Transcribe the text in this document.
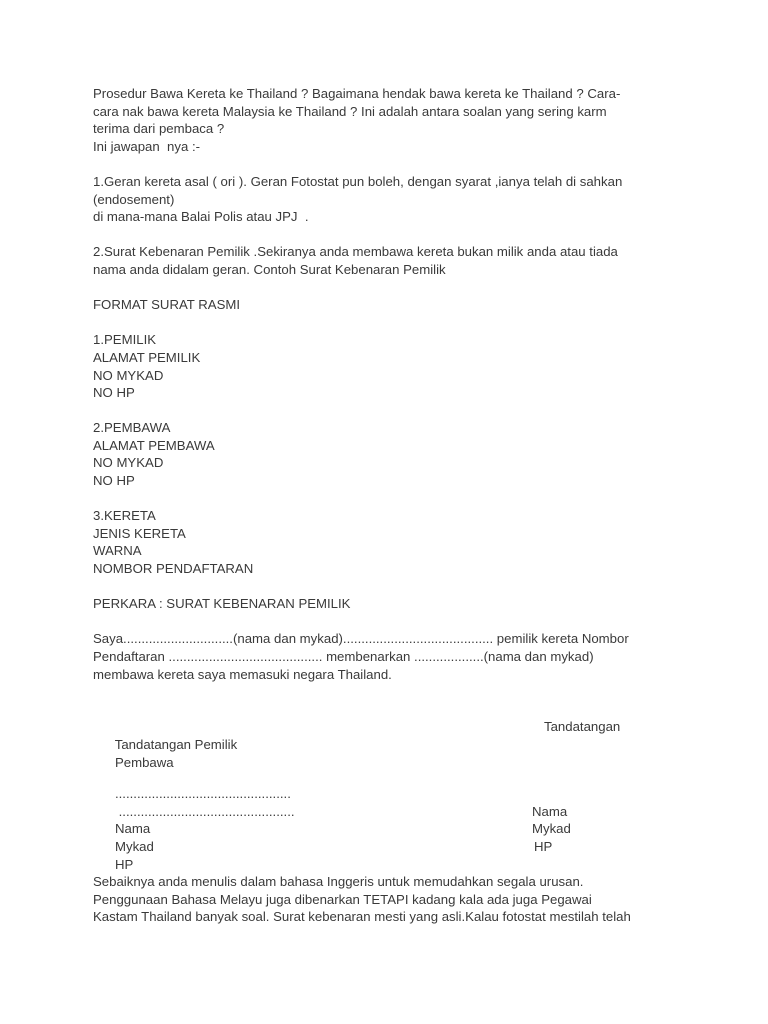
Prosedur Bawa Kereta ke Thailand ? Bagaimana hendak bawa kereta ke Thailand ? Cara-

cara nak bawa kereta Malaysia ke Thailand ? Ini adalah antara soalan yang sering karm

terima dari pembaca ?

Ini jawapan  nya :-

1.Geran kereta asal ( ori ). Geran Fotostat pun boleh, dengan syarat ,ianya telah di sahkan

(endosement)

di mana-mana Balai Polis atau JPJ  .

2.Surat Kebenaran Pemilik .Sekiranya anda membawa kereta bukan milik anda atau tiada

nama anda didalam geran. Contoh Surat Kebenaran Pemilik

FORMAT SURAT RASMI

1.PEMILIK

ALAMAT PEMILIK

NO MYKAD

NO HP

2.PEMBAWA

ALAMAT PEMBAWA

NO MYKAD

NO HP

3.KERETA

JENIS KERETA

WARNA

NOMBOR PENDAFTARAN

PERKARA : SURAT KEBENARAN PEMILIK

Saya..............................(nama dan mykad)......................................... pemilik kereta Nombor

Pendaftaran .......................................... membenarkan ...................(nama dan mykad)

membawa kereta saya memasuki negara Thailand.

Tandatangan Pemilik

Tandatangan

Pembawa

................................................

................................................

Nama

Nama

Mykad

Mykad

HP

HP

Sebaiknya anda menulis dalam bahasa Inggeris untuk memudahkan segala urusan.

Penggunaan Bahasa Melayu juga dibenarkan TETAPI kadang kala ada juga Pegawai

Kastam Thailand banyak soal. Surat kebenaran mesti yang asli.Kalau fotostat mestilah telah
